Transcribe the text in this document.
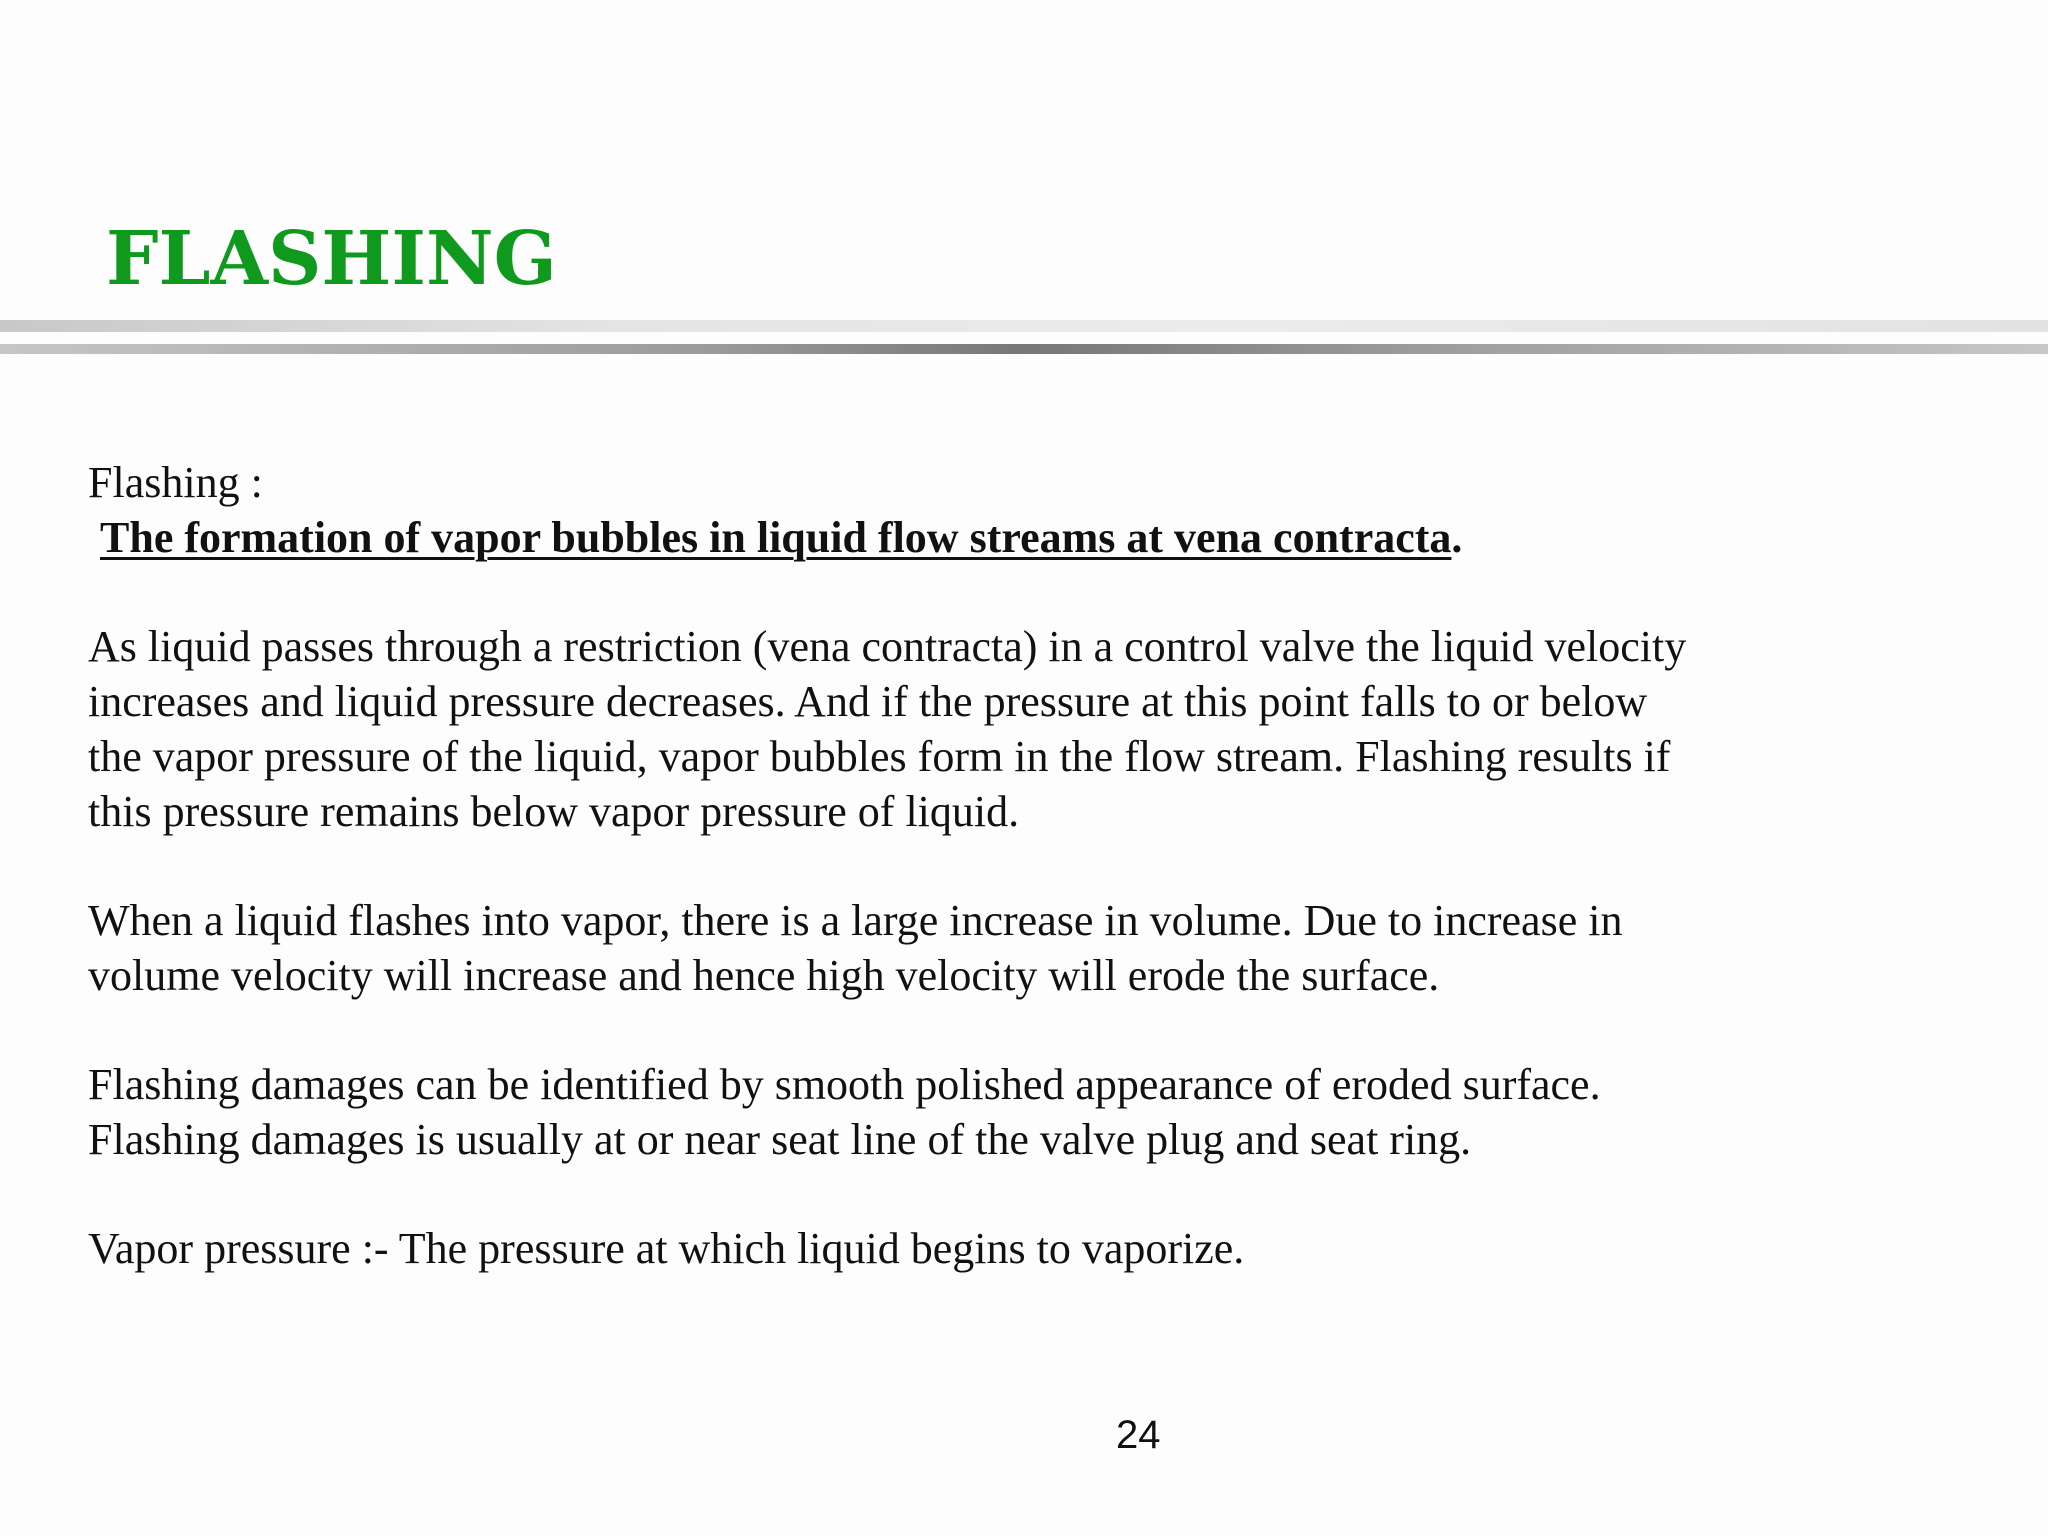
FLASHING

Flashing :

The formation of vapor bubbles in liquid flow streams at vena contracta.

As liquid passes through a restriction (vena contracta) in a control valve the liquid velocity

increases and liquid pressure decreases. And if the pressure at this point falls to or below

the vapor pressure of the liquid, vapor bubbles form in the flow stream. Flashing results if

this pressure remains below vapor pressure of liquid.

When a liquid flashes into vapor, there is a large increase in volume. Due to increase in

volume velocity will increase and hence high velocity will erode the surface.

Flashing damages can be identified by smooth polished appearance of eroded surface.

Flashing damages is usually at or near seat line of the valve plug and seat ring.

Vapor pressure :- The pressure at which liquid begins to vaporize.

24
